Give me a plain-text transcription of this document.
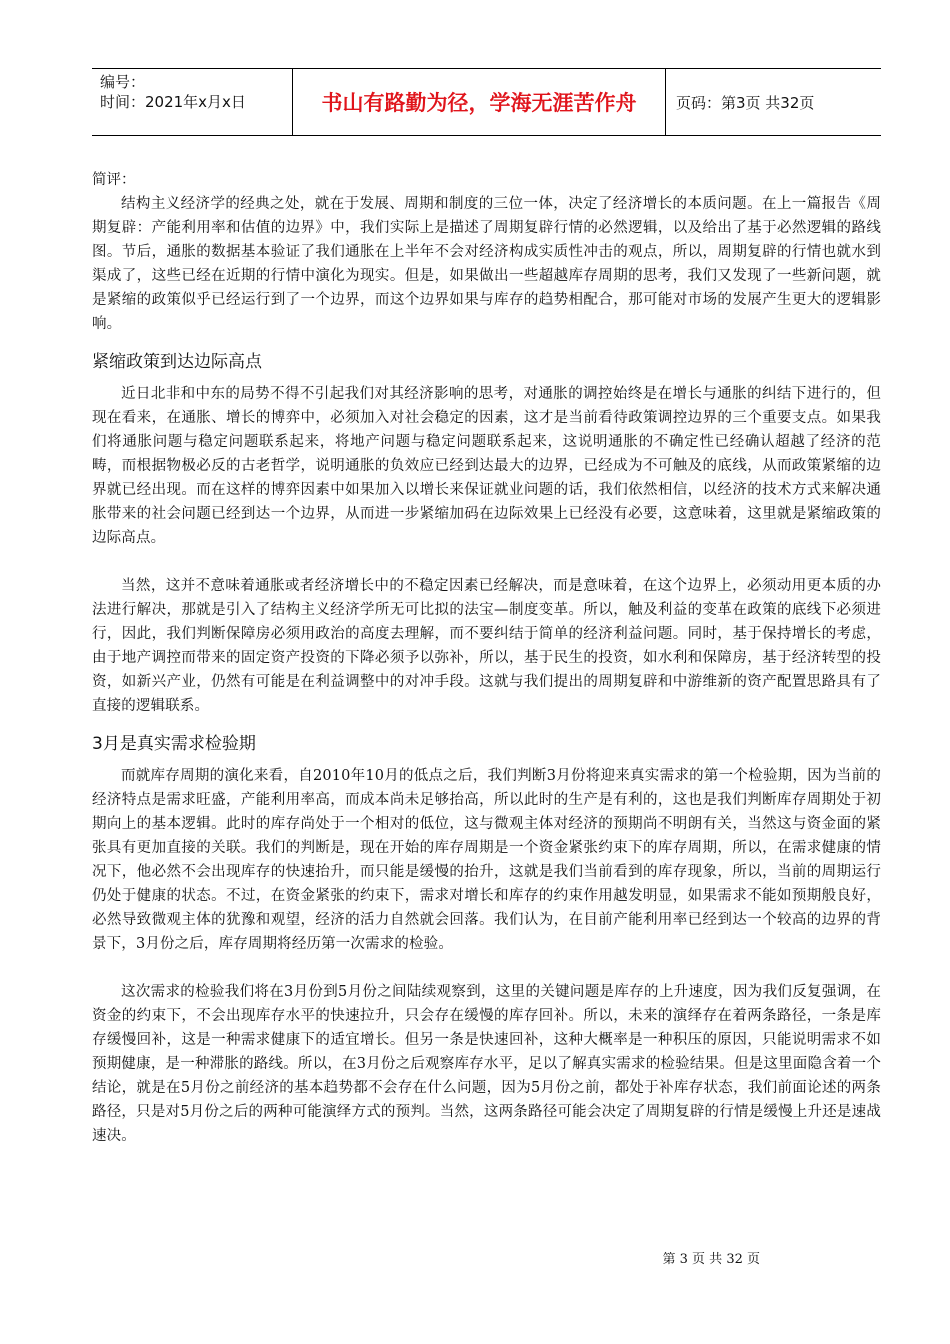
编号：
时间：2021年x月x日	书山有路勤为径，学海无涯苦作舟	页码：第3页 共32页
简评：

结构主义经济学的经典之处，就在于发展、周期和制度的三位一体，决定了经济增长的本质问题。在上一篇报告《周期复辟：产能利用率和估值的边界》中，我们实际上是描述了周期复辟行情的必然逻辑，以及给出了基于必然逻辑的路线图。节后，通胀的数据基本验证了我们通胀在上半年不会对经济构成实质性冲击的观点，所以，周期复辟的行情也就水到渠成了，这些已经在近期的行情中演化为现实。但是，如果做出一些超越库存周期的思考，我们又发现了一些新问题，就是紧缩的政策似乎已经运行到了一个边界，而这个边界如果与库存的趋势相配合，那可能对市场的发展产生更大的逻辑影响。

紧缩政策到达边际高点

近日北非和中东的局势不得不引起我们对其经济影响的思考，对通胀的调控始终是在增长与通胀的纠结下进行的，但现在看来，在通胀、增长的博弈中，必须加入对社会稳定的因素，这才是当前看待政策调控边界的三个重要支点。如果我们将通胀问题与稳定问题联系起来，将地产问题与稳定问题联系起来，这说明通胀的不确定性已经确认超越了经济的范畴，而根据物极必反的古老哲学，说明通胀的负效应已经到达最大的边界，已经成为不可触及的底线，从而政策紧缩的边界就已经出现。而在这样的博弈因素中如果加入以增长来保证就业问题的话，我们依然相信，以经济的技术方式来解决通胀带来的社会问题已经到达一个边界，从而进一步紧缩加码在边际效果上已经没有必要，这意味着，这里就是紧缩政策的边际高点。

当然，这并不意味着通胀或者经济增长中的不稳定因素已经解决，而是意味着，在这个边界上，必须动用更本质的办法进行解决，那就是引入了结构主义经济学所无可比拟的法宝—制度变革。所以，触及利益的变革在政策的底线下必须进行，因此，我们判断保障房必须用政治的高度去理解，而不要纠结于简单的经济利益问题。同时，基于保持增长的考虑，由于地产调控而带来的固定资产投资的下降必须予以弥补，所以，基于民生的投资，如水利和保障房，基于经济转型的投资，如新兴产业，仍然有可能是在利益调整中的对冲手段。这就与我们提出的周期复辟和中游维新的资产配置思路具有了直接的逻辑联系。

3月是真实需求检验期

而就库存周期的演化来看，自2010年10月的低点之后，我们判断3月份将迎来真实需求的第一个检验期，因为当前的经济特点是需求旺盛，产能利用率高，而成本尚未足够抬高，所以此时的生产是有利的，这也是我们判断库存周期处于初期向上的基本逻辑。此时的库存尚处于一个相对的低位，这与微观主体对经济的预期尚不明朗有关，当然这与资金面的紧张具有更加直接的关联。我们的判断是，现在开始的库存周期是一个资金紧张约束下的库存周期，所以，在需求健康的情况下，他必然不会出现库存的快速抬升，而只能是缓慢的抬升，这就是我们当前看到的库存现象，所以，当前的周期运行仍处于健康的状态。不过，在资金紧张的约束下，需求对增长和库存的约束作用越发明显，如果需求不能如预期般良好，必然导致微观主体的犹豫和观望，经济的活力自然就会回落。我们认为，在目前产能利用率已经到达一个较高的边界的背景下，3月份之后，库存周期将经历第一次需求的检验。

这次需求的检验我们将在3月份到5月份之间陆续观察到，这里的关键问题是库存的上升速度，因为我们反复强调，在资金的约束下，不会出现库存水平的快速拉升，只会存在缓慢的库存回补。所以，未来的演绎存在着两条路径，一条是库存缓慢回补，这是一种需求健康下的适宜增长。但另一条是快速回补，这种大概率是一种积压的原因，只能说明需求不如预期健康，是一种滞胀的路线。所以，在3月份之后观察库存水平，足以了解真实需求的检验结果。但是这里面隐含着一个结论，就是在5月份之前经济的基本趋势都不会存在什么问题，因为5月份之前，都处于补库存状态，我们前面论述的两条路径，只是对5月份之后的两种可能演绎方式的预判。当然，这两条路径可能会决定了周期复辟的行情是缓慢上升还是速战速决。

第 3 页 共 32 页
